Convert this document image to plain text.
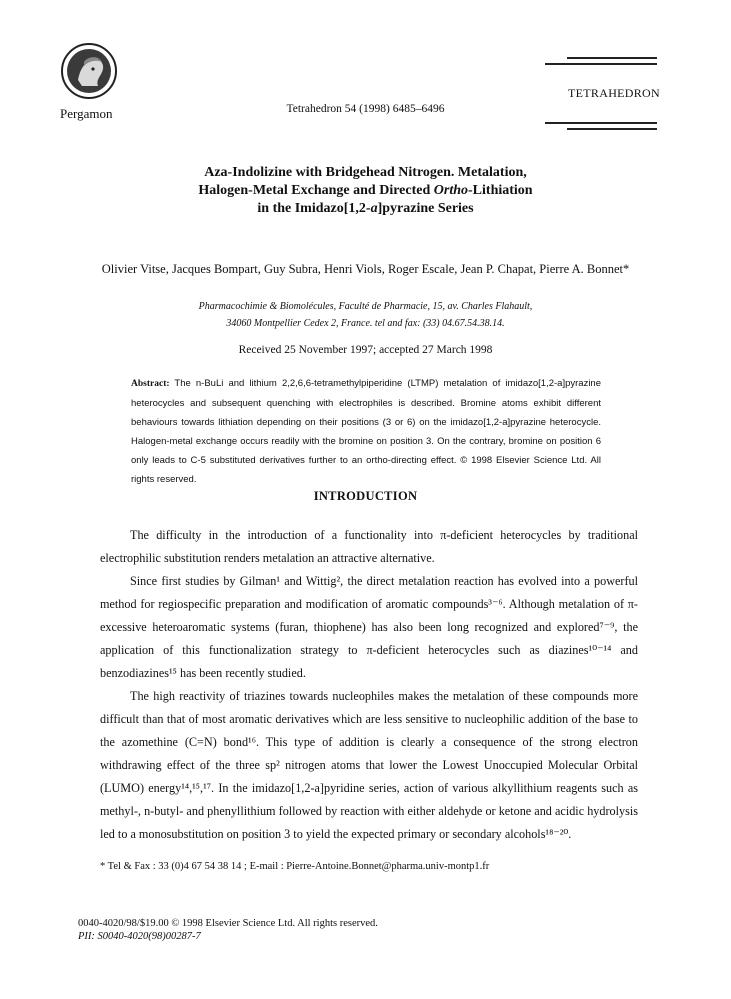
Pergamon	Tetrahedron 54 (1998) 6485–6496
TETRAHEDRON
Aza-Indolizine with Bridgehead Nitrogen. Metalation,
Halogen-Metal Exchange and Directed Ortho-Lithiation
in the Imidazo[1,2-a]pyrazine Series
Olivier Vitse, Jacques Bompart, Guy Subra, Henri Viols, Roger Escale, Jean P. Chapat, Pierre A. Bonnet*
Pharmacochimie & Biomolécules, Faculté de Pharmacie, 15, av. Charles Flahault,
34060 Montpellier Cedex 2, France. tel and fax: (33) 04.67.54.38.14.
Received 25 November 1997; accepted 27 March 1998
Abstract: The n-BuLi and lithium 2,2,6,6-tetramethylpiperidine (LTMP) metalation of imidazo[1,2-a]pyrazine heterocycles and subsequent quenching with electrophiles is described. Bromine atoms exhibit different behaviours towards lithiation depending on their positions (3 or 6) on the imidazo[1,2-a]pyrazine heterocycle. Halogen-metal exchange occurs readily with the bromine on position 3. On the contrary, bromine on position 6 only leads to C-5 substituted derivatives further to an ortho-directing effect. © 1998 Elsevier Science Ltd. All rights reserved.
INTRODUCTION

The difficulty in the introduction of a functionality into π-deficient heterocycles by traditional electrophilic substitution renders metalation an attractive alternative.

Since first studies by Gilman¹ and Wittig², the direct metalation reaction has evolved into a powerful method for regiospecific preparation and modification of aromatic compounds³⁻⁶. Although metalation of π-excessive heteroaromatic systems (furan, thiophene) has also been long recognized and explored⁷⁻⁹, the application of this functionalization strategy to π-deficient heterocycles such as diazines¹⁰⁻¹⁴ and benzodiazines¹⁵ has been recently studied.

The high reactivity of triazines towards nucleophiles makes the metalation of these compounds more difficult than that of most aromatic derivatives which are less sensitive to nucleophilic addition of the base to the azomethine (C=N) bond¹⁶. This type of addition is clearly a consequence of the strong electron withdrawing effect of the three sp² nitrogen atoms that lower the Lowest Unoccupied Molecular Orbital (LUMO) energy¹⁴,¹⁵,¹⁷. In the imidazo[1,2-a]pyridine series, action of various alkyllithium reagents such as methyl-, n-butyl- and phenyllithium followed by reaction with either aldehyde or ketone and acidic hydrolysis led to a monosubstitution on position 3 to yield the expected primary or secondary alcohols¹⁸⁻²⁰.

* Tel & Fax : 33 (0)4 67 54 38 14 ; E-mail : Pierre-Antoine.Bonnet@pharma.univ-montp1.fr
0040-4020/98/$19.00 © 1998 Elsevier Science Ltd. All rights reserved.
PII: S0040-4020(98)00287-7
